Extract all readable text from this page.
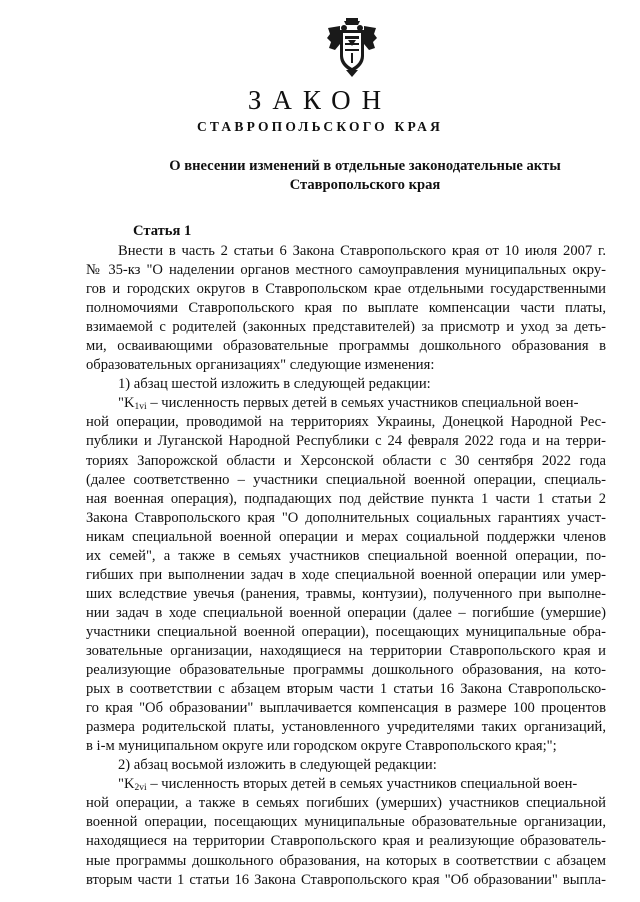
ЗАКОН
СТАВРОПОЛЬСКОГО КРАЯ
О внесении изменений в отдельные законодательные акты
Ставропольского края
Статья 1
Внести в часть 2 статьи 6 Закона Ставропольского края от 10 июля 2007 г.
№ 35-кз "О наделении органов местного самоуправления муниципальных окру-
гов и городских округов в Ставропольском крае отдельными государственными
полномочиями Ставропольского края по выплате компенсации части платы,
взимаемой с родителей (законных представителей) за присмотр и уход за деть-
ми, осваивающими образовательные программы дошкольного образования в
образовательных организациях" следующие изменения:
1) абзац шестой изложить в следующей редакции:
"$K_{1vi}$ – численность первых детей в семьях участников специальной воен-
ной операции, проводимой на территориях Украины, Донецкой Народной Рес-
публики и Луганской Народной Республики с 24 февраля 2022 года и на терри-
ториях Запорожской области и Херсонской области с 30 сентября 2022 года
(далее соответственно – участники специальной военной операции, специаль-
ная военная операция), подпадающих под действие пункта 1 части 1 статьи 2
Закона Ставропольского края "О дополнительных социальных гарантиях участ-
никам специальной военной операции и мерах социальной поддержки членов
их семей", а также в семьях участников специальной военной операции, по-
гибших при выполнении задач в ходе специальной военной операции или умер-
ших вследствие увечья (ранения, травмы, контузии), полученного при выполне-
нии задач в ходе специальной военной операции (далее – погибшие (умершие)
участники специальной военной операции), посещающих муниципальные обра-
зовательные организации, находящиеся на территории Ставропольского края и
реализующие образовательные программы дошкольного образования, на кото-
рых в соответствии с абзацем вторым части 1 статьи 16 Закона Ставропольско-
го края "Об образовании" выплачивается компенсация в размере 100 процентов
размера родительской платы, установленного учредителями таких организаций,
в i-м муниципальном округе или городском округе Ставропольского края;";
2) абзац восьмой изложить в следующей редакции:
"$K_{2vi}$ – численность вторых детей в семьях участников специальной воен-
ной операции, а также в семьях погибших (умерших) участников специальной
военной операции, посещающих муниципальные образовательные организации,
находящиеся на территории Ставропольского края и реализующие образователь-
ные программы дошкольного образования, на которых в соответствии с абзацем
вторым части 1 статьи 16 Закона Ставропольского края "Об образовании" выпла-
